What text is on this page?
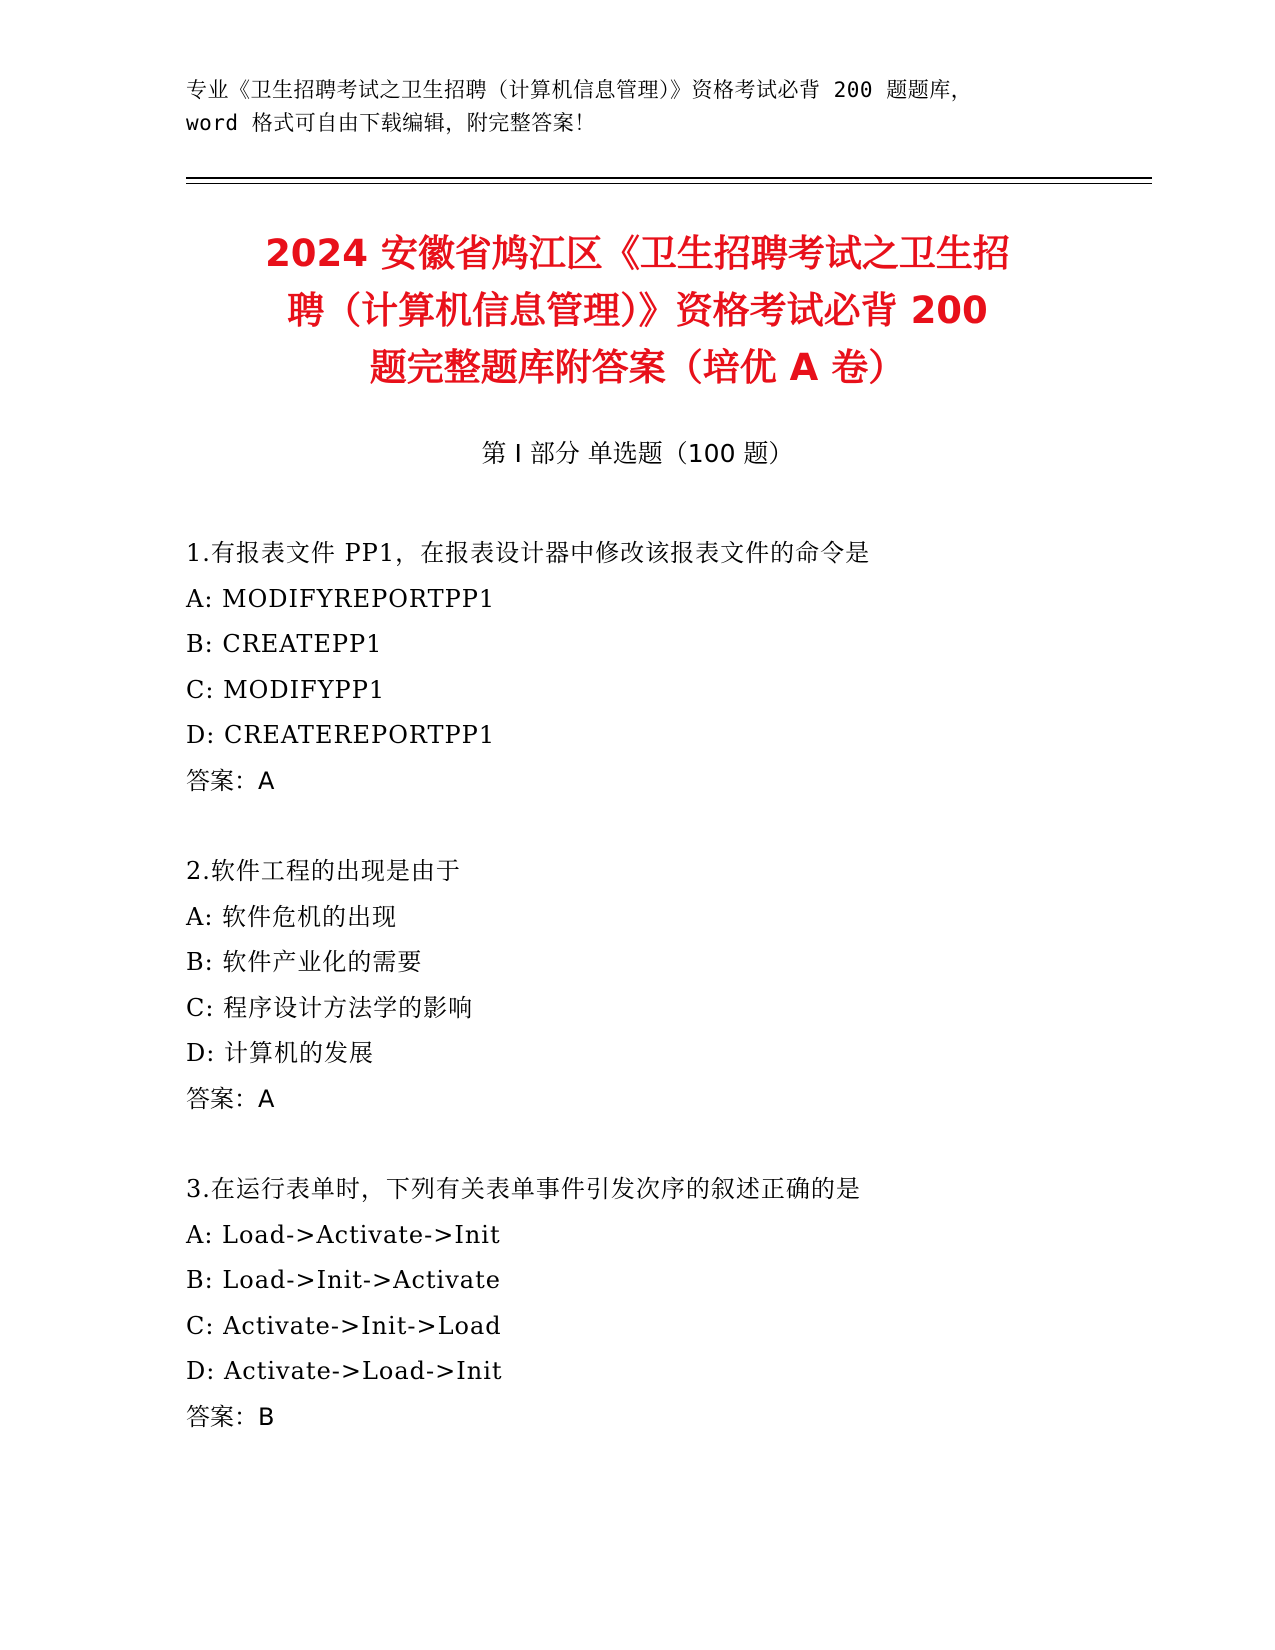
专业《卫生招聘考试之卫生招聘（计算机信息管理）》资格考试必背 200 题题库，
word 格式可自由下载编辑，附完整答案！
2024 安徽省鸠江区《卫生招聘考试之卫生招
聘（计算机信息管理）》资格考试必背 200
题完整题库附答案（培优 A 卷）
第 I 部分 单选题（100 题）
1.有报表文件 PP1，在报表设计器中修改该报表文件的命令是
A: MODIFYREPORTPP1
B: CREATEPP1
C: MODIFYPP1
D: CREATEREPORTPP1
答案：A
2.软件工程的出现是由于
A: 软件危机的出现
B: 软件产业化的需要
C: 程序设计方法学的影响
D: 计算机的发展
答案：A
3.在运行表单时，下列有关表单事件引发次序的叙述正确的是
A: Load->Activate->Init
B: Load->Init->Activate
C: Activate->Init->Load
D: Activate->Load->Init
答案：B
